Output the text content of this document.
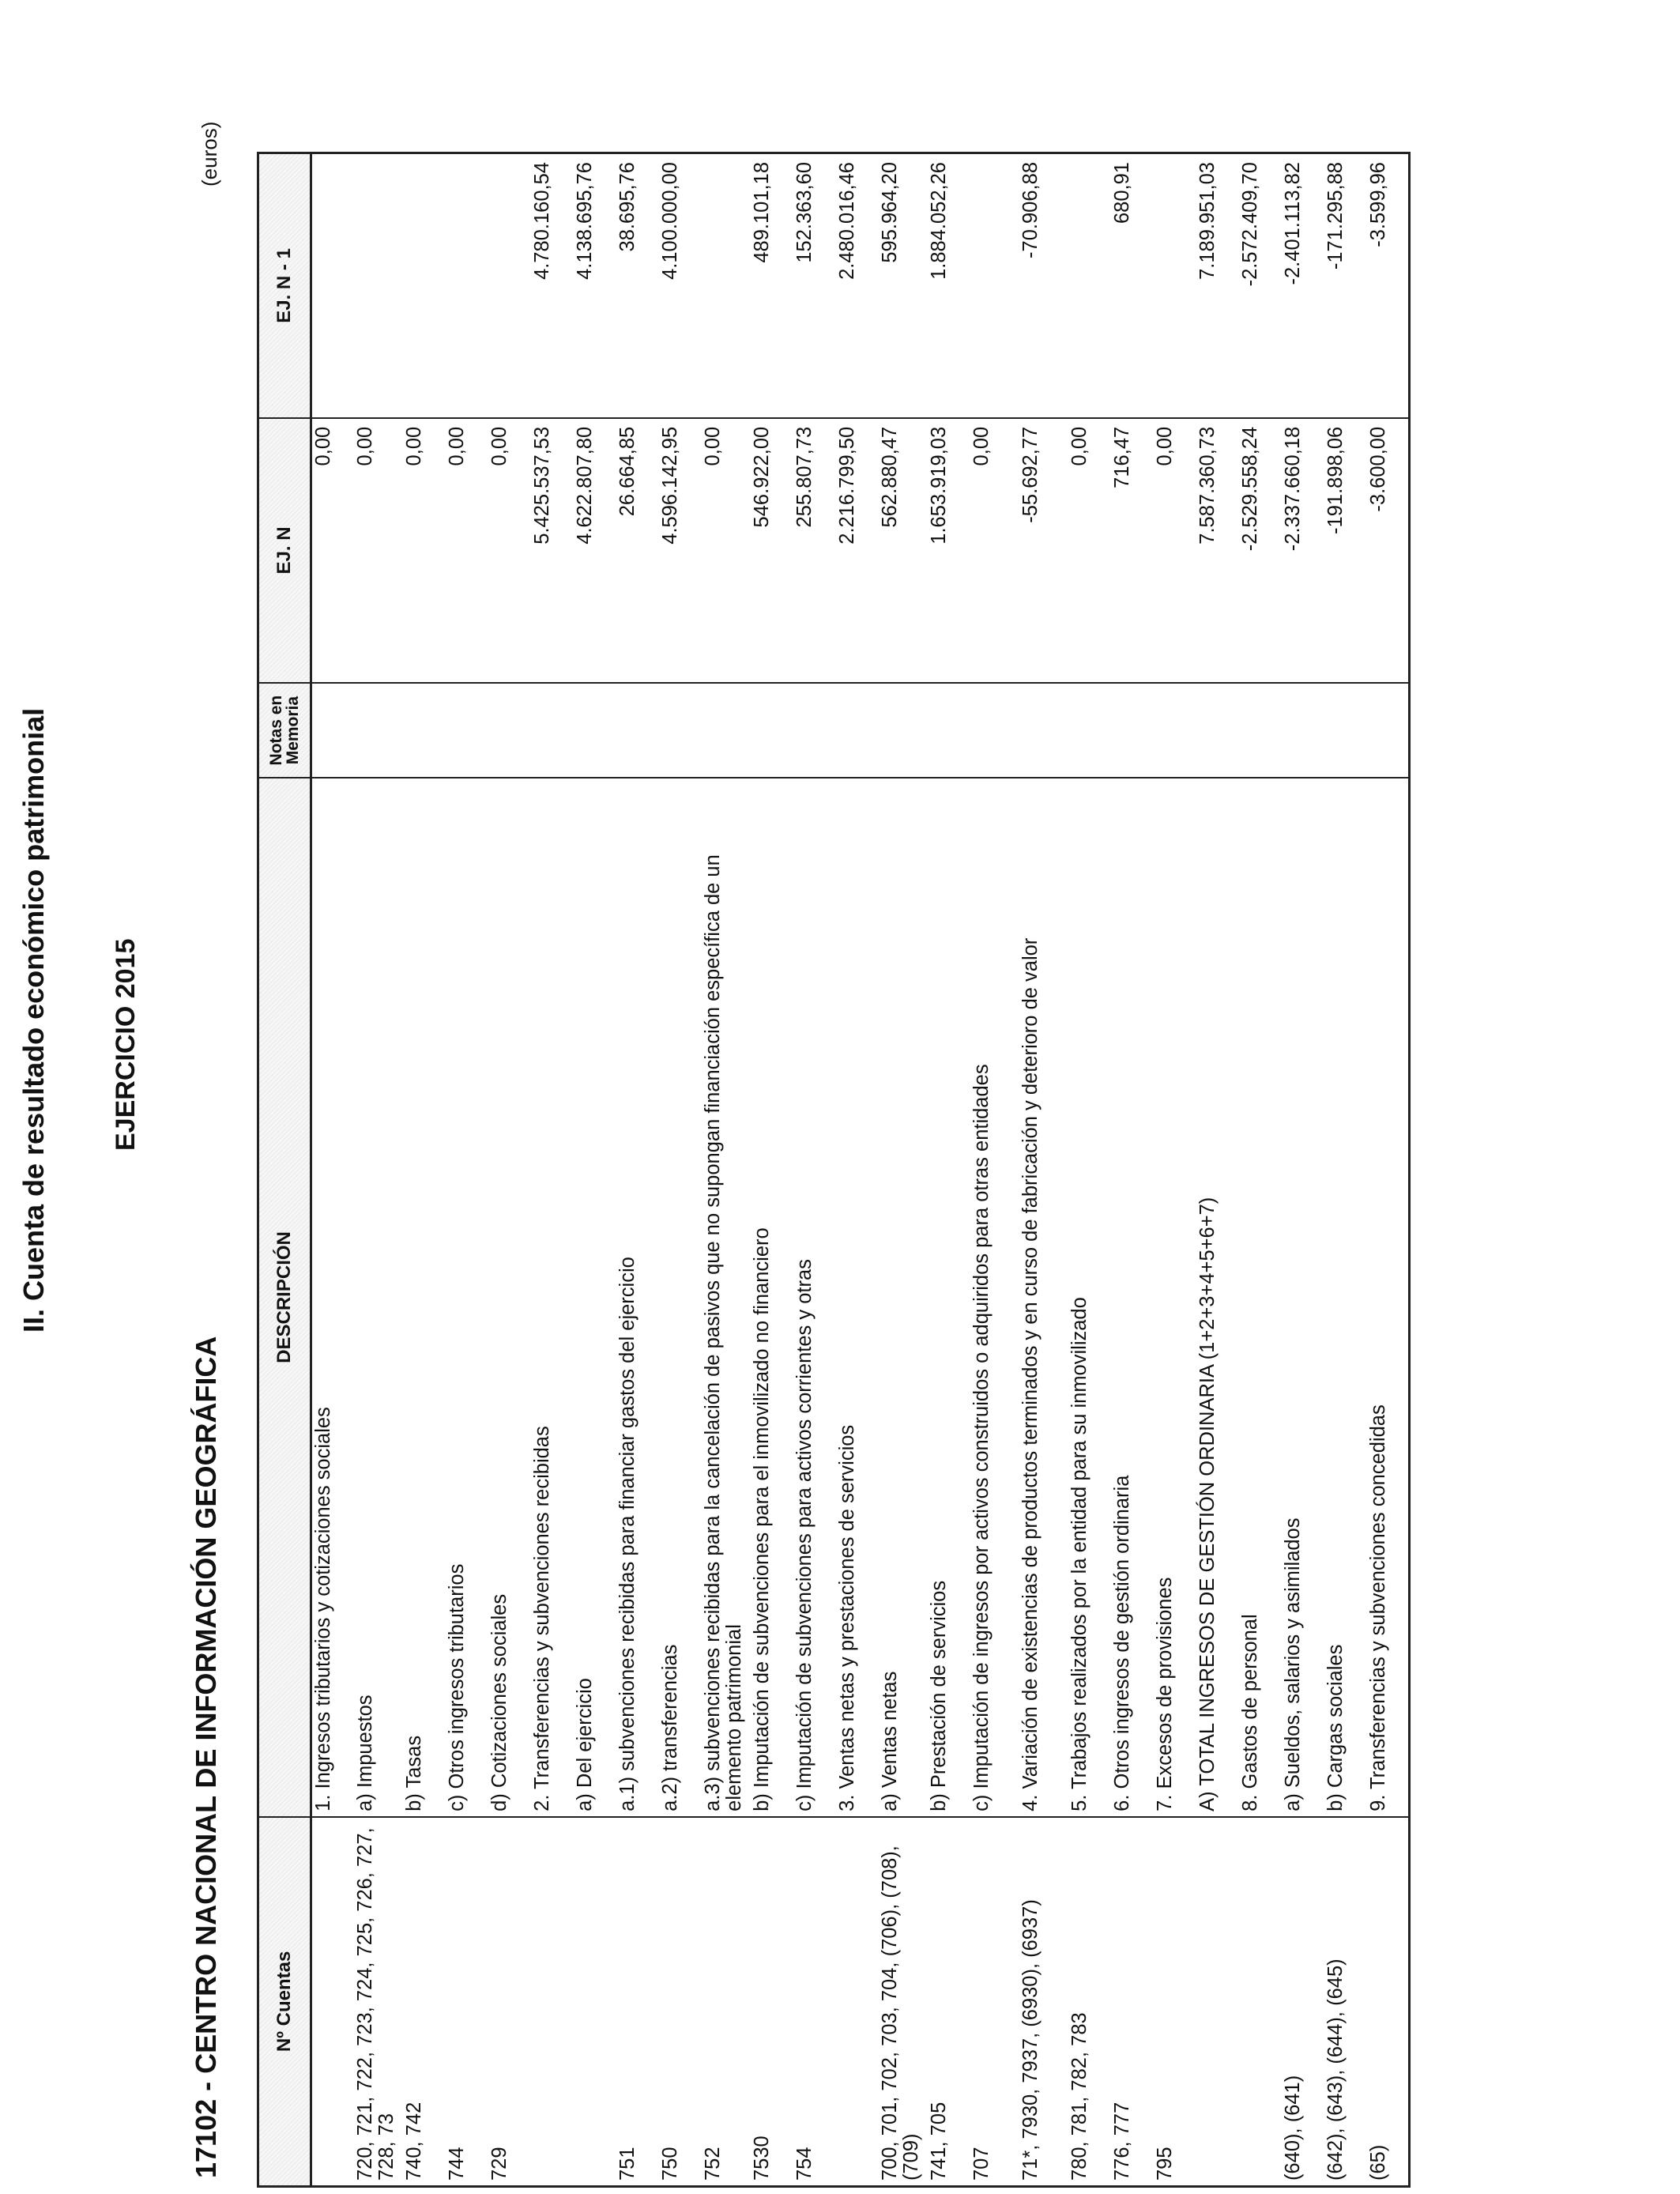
II. Cuenta de resultado económico patrimonial EJERCICIO 2015
17102 - CENTRO NACIONAL DE INFORMACIÓN GEOGRÁFICA
(euros)
Nº Cuentas	DESCRIPCIÓN	Notas en Memoria	EJ. N	EJ. N - 1
	1. Ingresos tributarios y cotizaciones sociales		0,00	
720, 721, 722, 723, 724, 725, 726, 727, 728, 73	a) Impuestos		0,00	
740, 742	b) Tasas		0,00	
744	c) Otros ingresos tributarios		0,00	
729	d) Cotizaciones sociales		0,00	
	2. Transferencias y subvenciones recibidas		5.425.537,53	4.780.160,54
	a) Del ejercicio		4.622.807,80	4.138.695,76
751	a.1) subvenciones recibidas para financiar gastos del ejercicio		26.664,85	38.695,76
750	a.2) transferencias		4.596.142,95	4.100.000,00
752	a.3) subvenciones recibidas para la cancelación de pasivos que no supongan financiación específica de un elemento patrimonial		0,00	
7530	b) Imputación de subvenciones para el inmovilizado no financiero		546.922,00	489.101,18
754	c) Imputación de subvenciones para activos corrientes y otras		255.807,73	152.363,60
	3. Ventas netas y prestaciones de servicios		2.216.799,50	2.480.016,46
700, 701, 702, 703, 704, (706), (708), (709)	a) Ventas netas		562.880,47	595.964,20
741, 705	b) Prestación de servicios		1.653.919,03	1.884.052,26
707	c) Imputación de ingresos por activos construidos o adquiridos para otras entidades		0,00	
71*, 7930, 7937, (6930), (6937)	4. Variación de existencias de productos terminados y en curso de fabricación y deterioro de valor		-55.692,77	-70.906,88
780, 781, 782, 783	5. Trabajos realizados por la entidad para su inmovilizado		0,00	
776, 777	6. Otros ingresos de gestión ordinaria		716,47	680,91
795	7. Excesos de provisiones		0,00	
	A) TOTAL INGRESOS DE GESTIÓN ORDINARIA (1+2+3+4+5+6+7)		7.587.360,73	7.189.951,03
	8. Gastos de personal		-2.529.558,24	-2.572.409,70
(640), (641)	a) Sueldos, salarios y asimilados		-2.337.660,18	-2.401.113,82
(642), (643), (644), (645)	b) Cargas sociales		-191.898,06	-171.295,88
(65)	9. Transferencias y subvenciones concedidas		-3.600,00	-3.599,96
